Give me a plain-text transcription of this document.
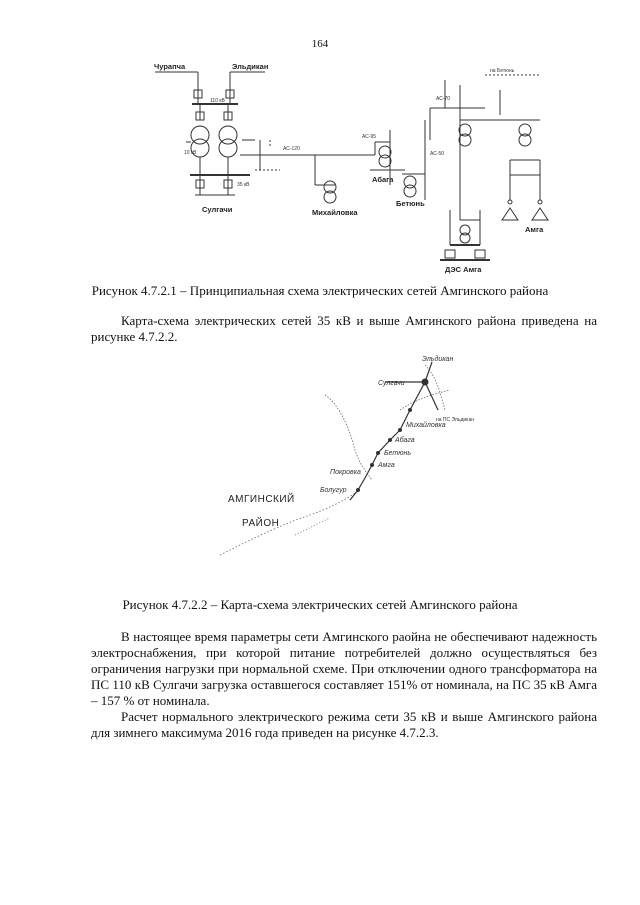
164
Чурапча	Эльдикан
110 кВ
10 кВ
35 кВ
Сулгачи
АС-120
Михайловка
Абага
АС-95
Бетюнь
АС-70
на Бетюнь
АС-50
Амга
ДЭС Амга
Рисунок 4.7.2.1 – Принципиальная схема электрических сетей Амгинского района

Карта-схема электрических сетей 35 кВ и выше Амгинского района приведена на рисунке 4.7.2.2.

Эльдикан
Сулгачи
на ПС Эльдикан
Михайловка
Абага
Бетюнь
Амга
Покровка
Болугур
АМГИНСКИЙ
РАЙОН
Рисунок 4.7.2.2 – Карта-схема электрических сетей Амгинского района

В настоящее время параметры сети Амгинского раойна не обеспечивают надежность электроснабжения, при которой питание потребителей должно осуществляться без ограничения нагрузки при нормальной схеме. При отключении одного трансформатора на ПС 110 кВ Сулгачи загрузка оставшегося составляет 151% от номинала, на ПС 35 кВ Амга – 157 % от номинала.

Расчет нормального электрического режима сети 35 кВ и выше Амгинского района для зимнего максимума 2016 года приведен на рисунке 4.7.2.3.
